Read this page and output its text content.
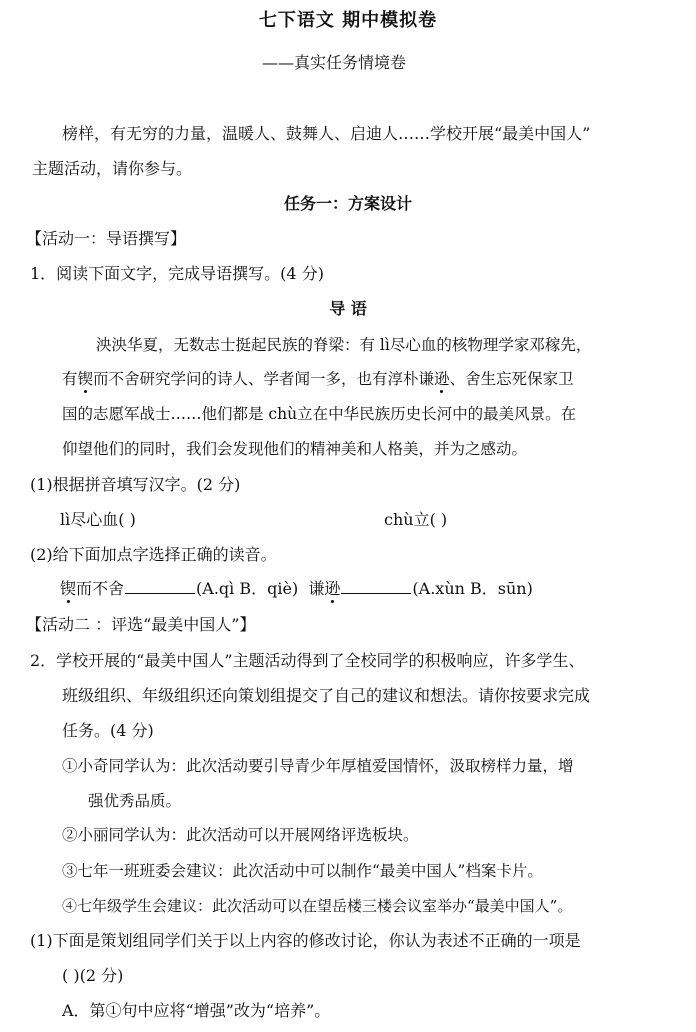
七下语文 期中模拟卷
——真实任务情境卷
榜样，有无穷的力量，温暖人、鼓舞人、启迪人……学校开展“最美中国人”
主题活动，请你参与。
任务一：方案设计
【活动一：导语撰写】
1．阅读下面文字，完成导语撰写。(4 分)
导 语
泱泱华夏，无数志士挺起民族的脊梁：有 lì尽心血的核物理学家邓稼先，
有锲而不舍研究学问的诗人、学者闻一多，也有淳朴谦逊、舍生忘死保家卫
国的志愿军战士……他们都是 chù立在中华民族历史长河中的最美风景。在
仰望他们的同时，我们会发现他们的精神美和人格美，并为之感动。
(1)根据拼音填写汉字。(2 分)
lì尽心血( )	chù立( )
(2)给下面加点字选择正确的读音。
锲而不舍	(A.qì B．qiè) 谦逊	(A.xùn B．sūn)
【活动二 ：评选“最美中国人”】
2．学校开展的“最美中国人”主题活动得到了全校同学的积极响应，许多学生、
班级组织、年级组织还向策划组提交了自己的建议和想法。请你按要求完成
任务。(4 分)
①小奇同学认为：此次活动要引导青少年厚植爱国情怀，汲取榜样力量，增
强优秀品质。
②小丽同学认为：此次活动可以开展网络评选板块。
③七年一班班委会建议：此次活动中可以制作“最美中国人”档案卡片。
④七年级学生会建议：此次活动可以在望岳楼三楼会议室举办“最美中国人”。
(1)下面是策划组同学们关于以上内容的修改讨论，你认为表述不正确的一项是
( )(2 分)
A．第①句中应将“增强”改为“培养”。
